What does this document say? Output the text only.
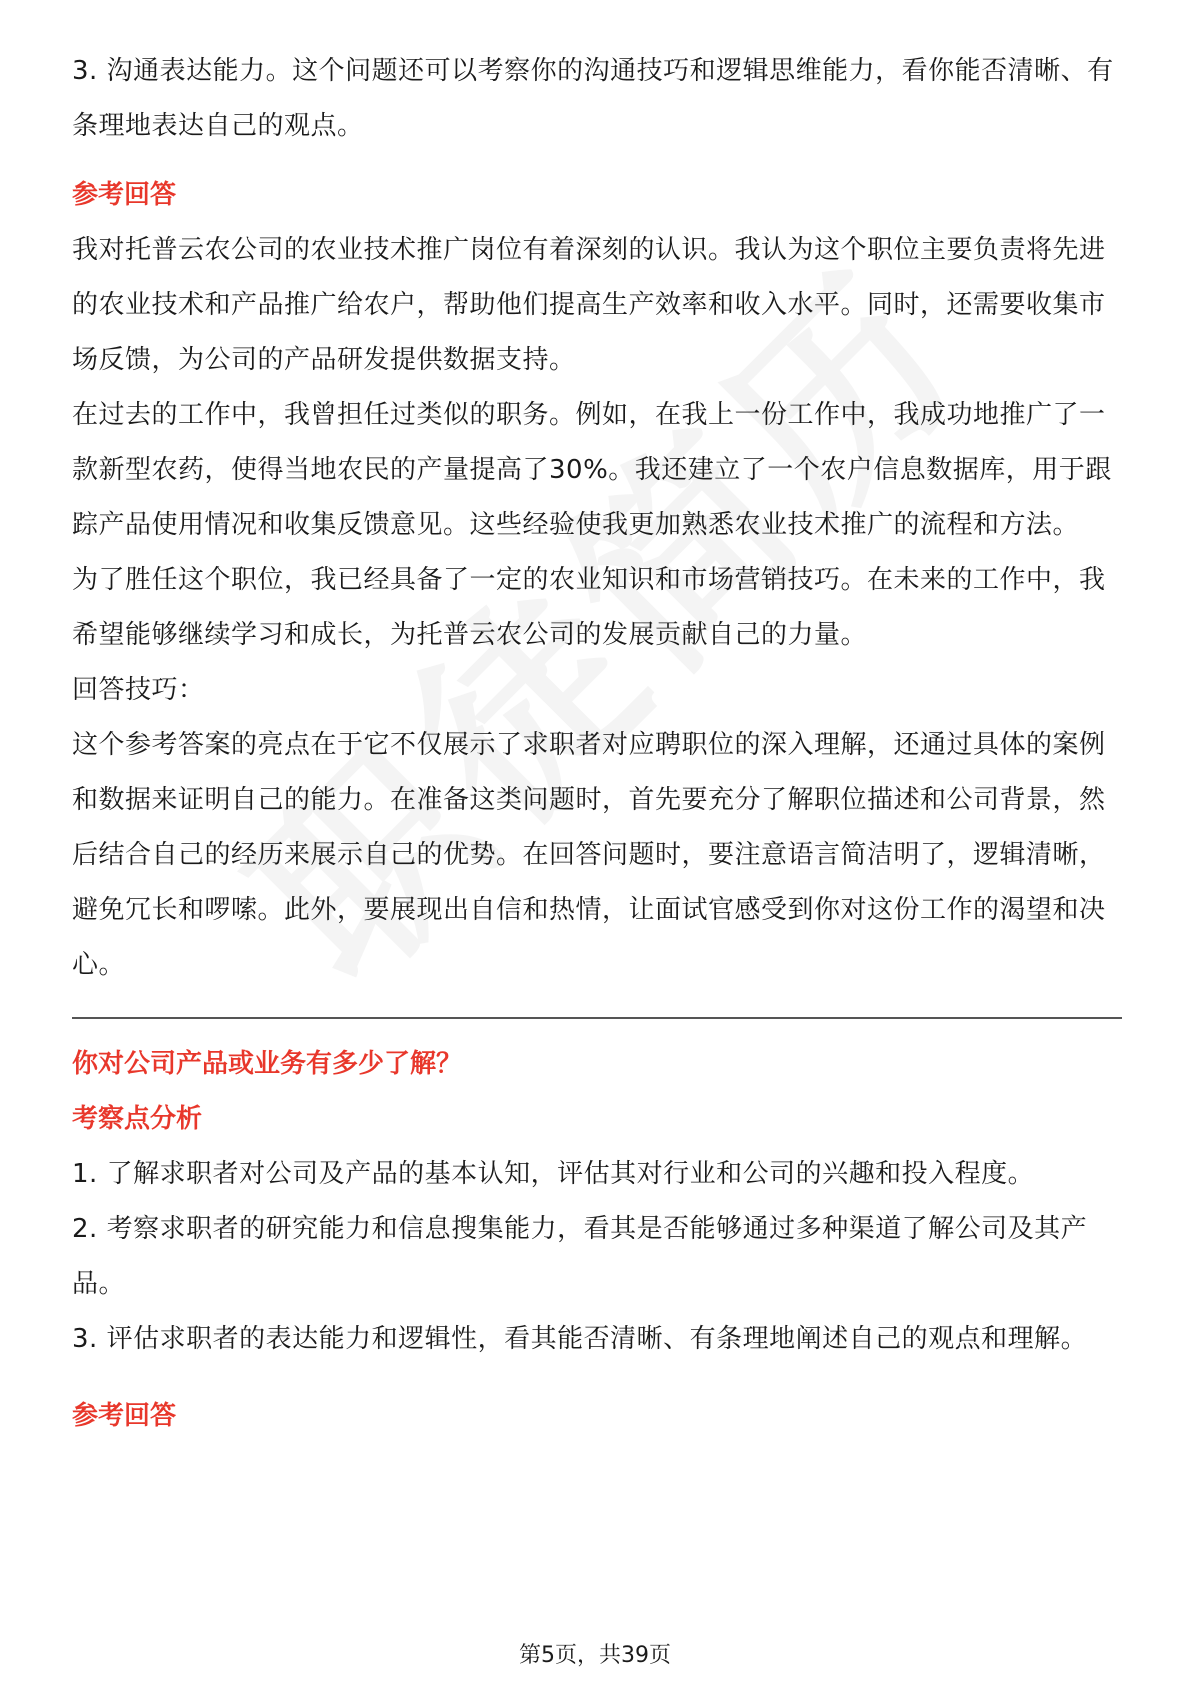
3. 沟通表达能力。这个问题还可以考察你的沟通技巧和逻辑思维能力，看你能否清晰、有条理地表达自己的观点。

参考回答

我对托普云农公司的农业技术推广岗位有着深刻的认识。我认为这个职位主要负责将先进的农业技术和产品推广给农户，帮助他们提高生产效率和收入水平。同时，还需要收集市场反馈，为公司的产品研发提供数据支持。

在过去的工作中，我曾担任过类似的职务。例如，在我上一份工作中，我成功地推广了一款新型农药，使得当地农民的产量提高了30%。我还建立了一个农户信息数据库，用于跟踪产品使用情况和收集反馈意见。这些经验使我更加熟悉农业技术推广的流程和方法。

为了胜任这个职位，我已经具备了一定的农业知识和市场营销技巧。在未来的工作中，我希望能够继续学习和成长，为托普云农公司的发展贡献自己的力量。

回答技巧：

这个参考答案的亮点在于它不仅展示了求职者对应聘职位的深入理解，还通过具体的案例和数据来证明自己的能力。在准备这类问题时，首先要充分了解职位描述和公司背景，然后结合自己的经历来展示自己的优势。在回答问题时，要注意语言简洁明了，逻辑清晰，避免冗长和啰嗦。此外，要展现出自信和热情，让面试官感受到你对这份工作的渴望和决心。

你对公司产品或业务有多少了解？

考察点分析

1. 了解求职者对公司及产品的基本认知，评估其对行业和公司的兴趣和投入程度。

2. 考察求职者的研究能力和信息搜集能力，看其是否能够通过多种渠道了解公司及其产品。

3. 评估求职者的表达能力和逻辑性，看其能否清晰、有条理地阐述自己的观点和理解。

参考回答

第5页，共39页
